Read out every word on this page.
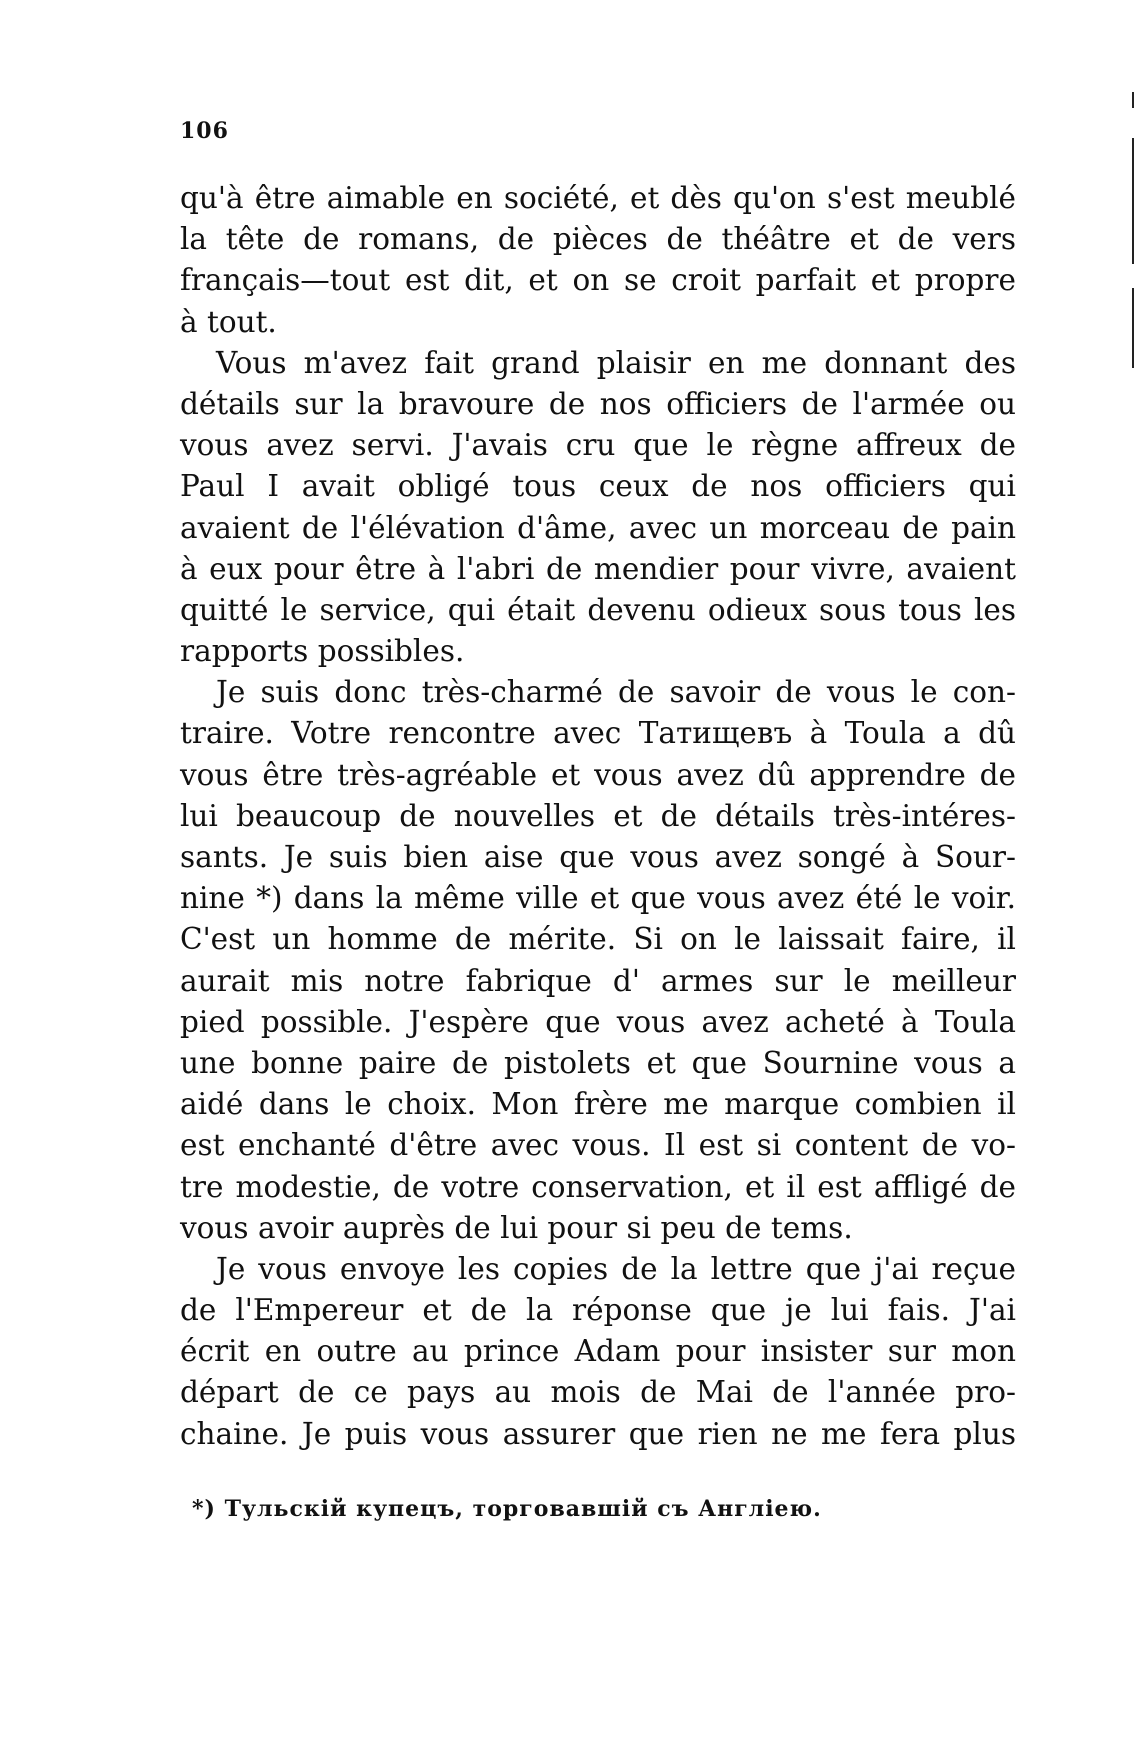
106
qu'à être aimable en société, et dès qu'on s'est meublé
la tête de romans, de pièces de théâtre et de vers
français—tout est dit, et on se croit parfait et propre
à tout.
Vous m'avez fait grand plaisir en me donnant des
détails sur la bravoure de nos officiers de l'armée ou
vous avez servi. J'avais cru que le règne affreux de
Paul I avait obligé tous ceux de nos officiers qui
avaient de l'élévation d'âme, avec un morceau de pain
à eux pour être à l'abri de mendier pour vivre, avaient
quitté le service, qui était devenu odieux sous tous les
rapports possibles.
Je suis donc très-charmé de savoir de vous le con-
traire. Votre rencontre avec Татищевъ à Toula a dû
vous être très-agréable et vous avez dû apprendre de
lui beaucoup de nouvelles et de détails très-intéres-
sants. Je suis bien aise que vous avez songé à Sour-
nine *) dans la même ville et que vous avez été le voir.
C'est un homme de mérite. Si on le laissait faire, il
aurait mis notre fabrique d' armes sur le meilleur
pied possible. J'espère que vous avez acheté à Toula
une bonne paire de pistolets et que Sournine vous a
aidé dans le choix. Mon frère me marque combien il
est enchanté d'être avec vous. Il est si content de vo-
tre modestie, de votre conservation, et il est affligé de
vous avoir auprès de lui pour si peu de tems.
Je vous envoye les copies de la lettre que j'ai reçue
de l'Empereur et de la réponse que je lui fais. J'ai
écrit en outre au prince Adam pour insister sur mon
départ de ce pays au mois de Mai de l'année pro-
chaine. Je puis vous assurer que rien ne me fera plus
*) Тульскій купецъ, торговавшій съ Англіею.
